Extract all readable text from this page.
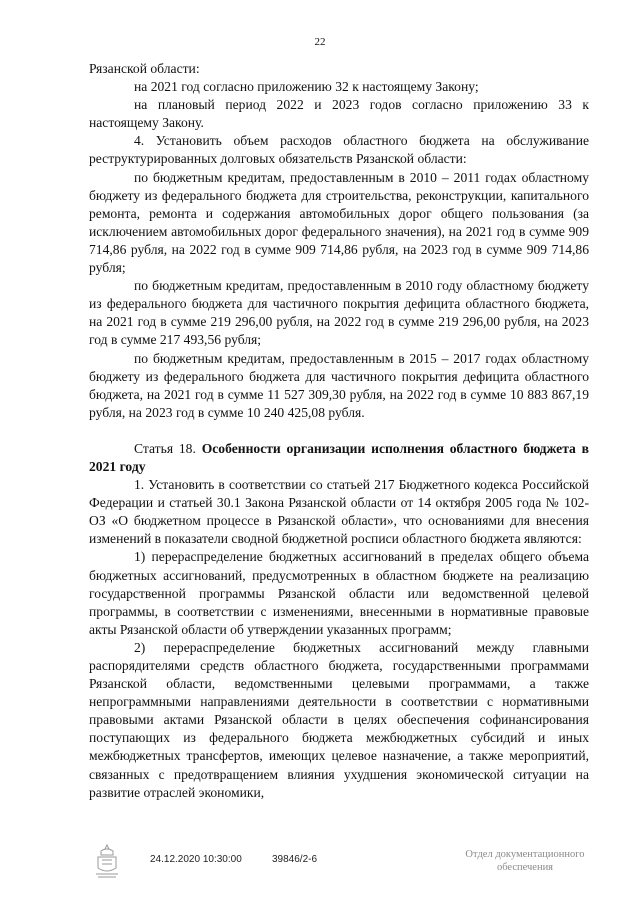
22

Рязанской области:

на 2021 год согласно приложению 32 к настоящему Закону;

на плановый период 2022 и 2023 годов согласно приложению 33 к настоящему Закону.

4. Установить объем расходов областного бюджета на обслуживание реструктурированных долговых обязательств Рязанской области:

по бюджетным кредитам, предоставленным в 2010 – 2011 годах областному бюджету из федерального бюджета для строительства, реконструкции, капитального ремонта, ремонта и содержания автомобильных дорог общего пользования (за исключением автомобильных дорог федерального значения), на 2021 год в сумме 909 714,86 рубля, на 2022 год в сумме 909 714,86 рубля, на 2023 год в сумме 909 714,86 рубля;

по бюджетным кредитам, предоставленным в 2010 году областному бюджету из федерального бюджета для частичного покрытия дефицита областного бюджета, на 2021 год в сумме 219 296,00 рубля, на 2022 год в сумме 219 296,00 рубля, на 2023 год в сумме 217 493,56 рубля;

по бюджетным кредитам, предоставленным в 2015 – 2017 годах областному бюджету из федерального бюджета для частичного покрытия дефицита областного бюджета, на 2021 год в сумме 11 527 309,30 рубля, на 2022 год в сумме 10 883 867,19 рубля, на 2023 год в сумме 10 240 425,08 рубля.

Статья 18. Особенности организации исполнения областного бюджета в 2021 году

1. Установить в соответствии со статьей 217 Бюджетного кодекса Российской Федерации и статьей 30.1 Закона Рязанской области от 14 октября 2005 года № 102-ОЗ «О бюджетном процессе в Рязанской области», что основаниями для внесения изменений в показатели сводной бюджетной росписи областного бюджета являются:

1) перераспределение бюджетных ассигнований в пределах общего объема бюджетных ассигнований, предусмотренных в областном бюджете на реализацию государственной программы Рязанской области или ведомственной целевой программы, в соответствии с изменениями, внесенными в нормативные правовые акты Рязанской области об утверждении указанных программ;

2) перераспределение бюджетных ассигнований между главными распорядителями средств областного бюджета, государственными программами Рязанской области, ведомственными целевыми программами, а также непрограммными направлениями деятельности в соответствии с нормативными правовыми актами Рязанской области в целях обеспечения софинансирования поступающих из федерального бюджета межбюджетных субсидий и иных межбюджетных трансфертов, имеющих целевое назначение, а также мероприятий, связанных с предотвращением влияния ухудшения экономической ситуации на развитие отраслей экономики,

24.12.2020 10:30:00	39846/2-6	Отдел документационного
обеспечения
